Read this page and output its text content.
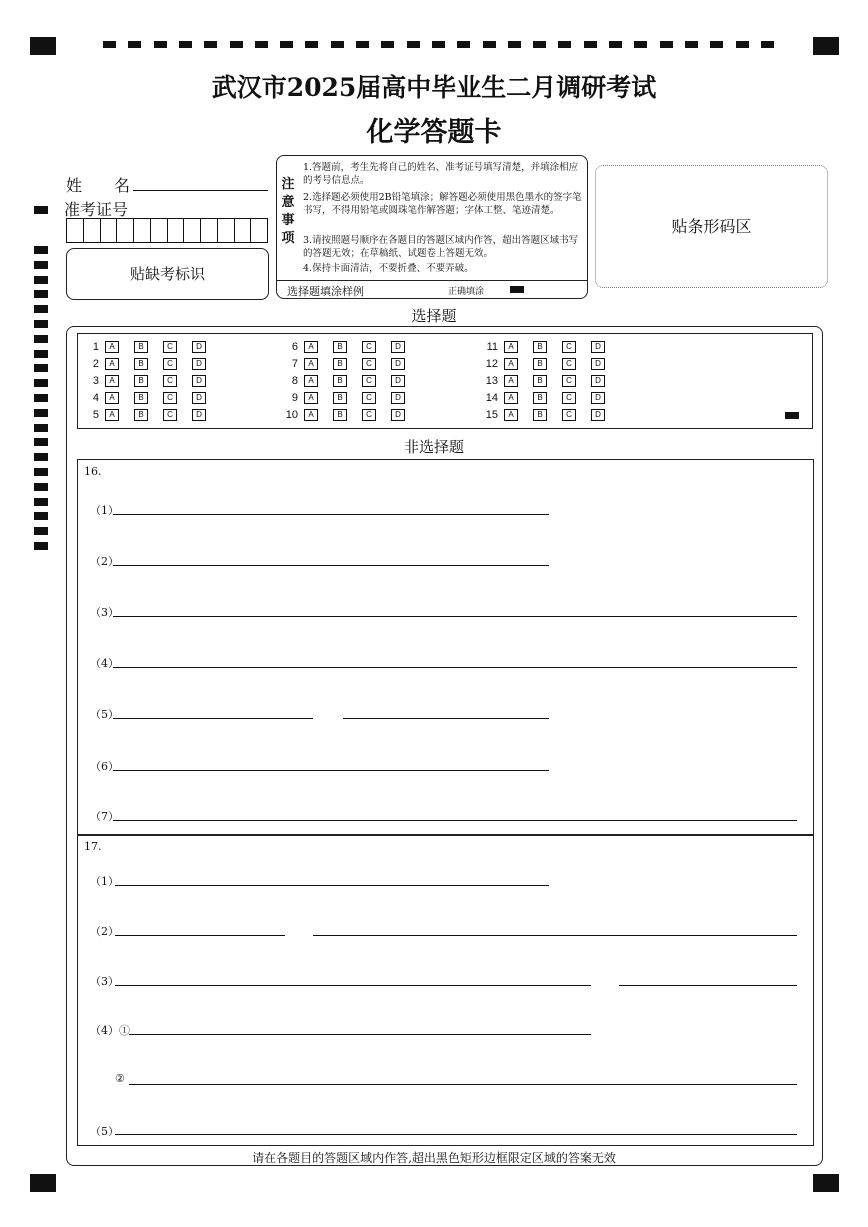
武汉市2025届高中毕业生二月调研考试
化学答题卡
姓　　名
准考证号
贴缺考标识
注意事项
1.答题前，考生先将自己的姓名、准考证号填写清楚，并填涂相应的考号信息点。
2.选择题必须使用2B铅笔填涂；解答题必须使用黑色墨水的签字笔书写，不得用铅笔或圆珠笔作解答题；字体工整、笔迹清楚。
3.请按照题号顺序在各题目的答题区域内作答，超出答题区域书写的答题无效；在草稿纸、试题卷上答题无效。
4.保持卡面清洁，不要折叠、不要弄破。
选择题填涂样例	正确填涂
贴条形码区
选择题
1	A	B	C	D
2	A	B	C	D
3	A	B	C	D
4	A	B	C	D
5	A	B	C	D
6	A	B	C	D
7	A	B	C	D
8	A	B	C	D
9	A	B	C	D
10	A	B	C	D
11	A	B	C	D
12	A	B	C	D
13	A	B	C	D
14	A	B	C	D
15	A	B	C	D
非选择题
16.
17.
（1）
（2）
（3）
（4）
（5）
（6）
（7）
（1）
（2）
（3）
（4）①
②
（5）
请在各题目的答题区域内作答,超出黑色矩形边框限定区域的答案无效
